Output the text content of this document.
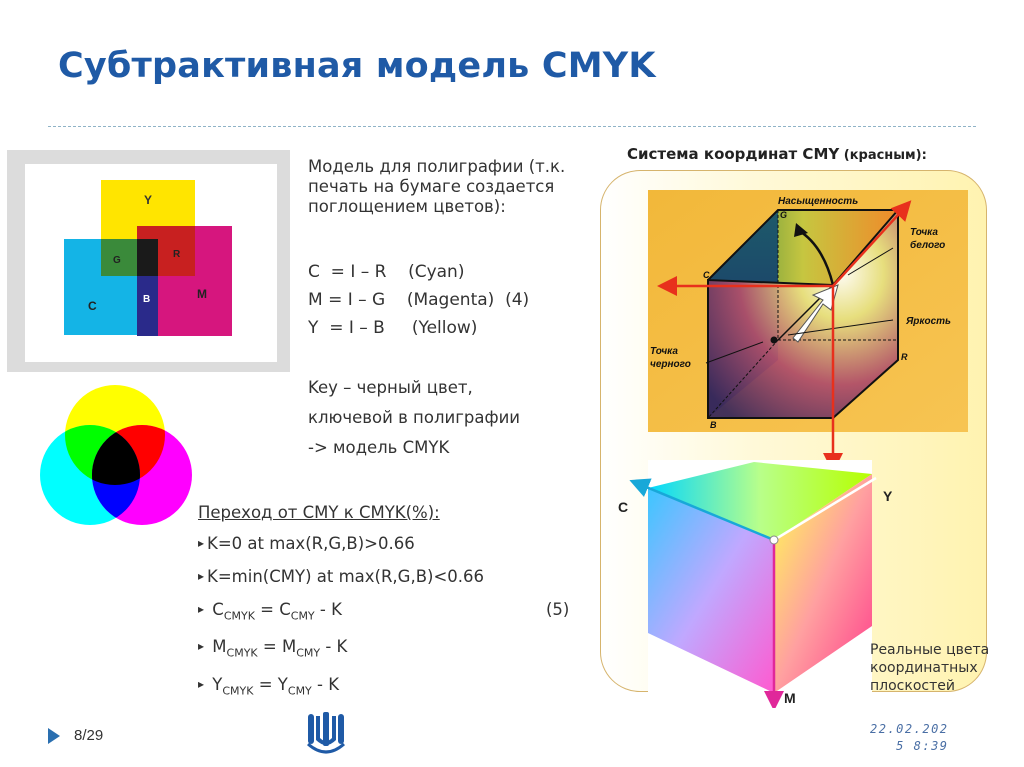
Субтрактивная модель CMYK
Y
G
R
C	B	M
Модель для полиграфии (т.к.
печать на бумаге создается
поглощением цветов):
C  = I – R    (Cyan)
M = I – G    (Magenta)  (4)
Y  = I – B     (Yellow)
Key – черный цвет,
ключевой в полиграфии
-> модель CMYK
Переход от CMY к CMYK(%):
▸ K=0 at max(R,G,B)>0.66
▸ K=min(CMY) at max(R,G,B)<0.66
▸ $C_{CMYK} = C_{CMY} - K$	(5)
▸ $M_{CMYK} = M_{CMY} - K$
▸ $Y_{CMYK} = Y_{CMY} - K$
Система координат CMY (красным):
Насыщенность
Точка
белого
Яркость
Точка
черного
G
C
R
B
C
Y
M
Реальные цвета
координатных
плоскостей
8/29	22.02.202
5 8:39
